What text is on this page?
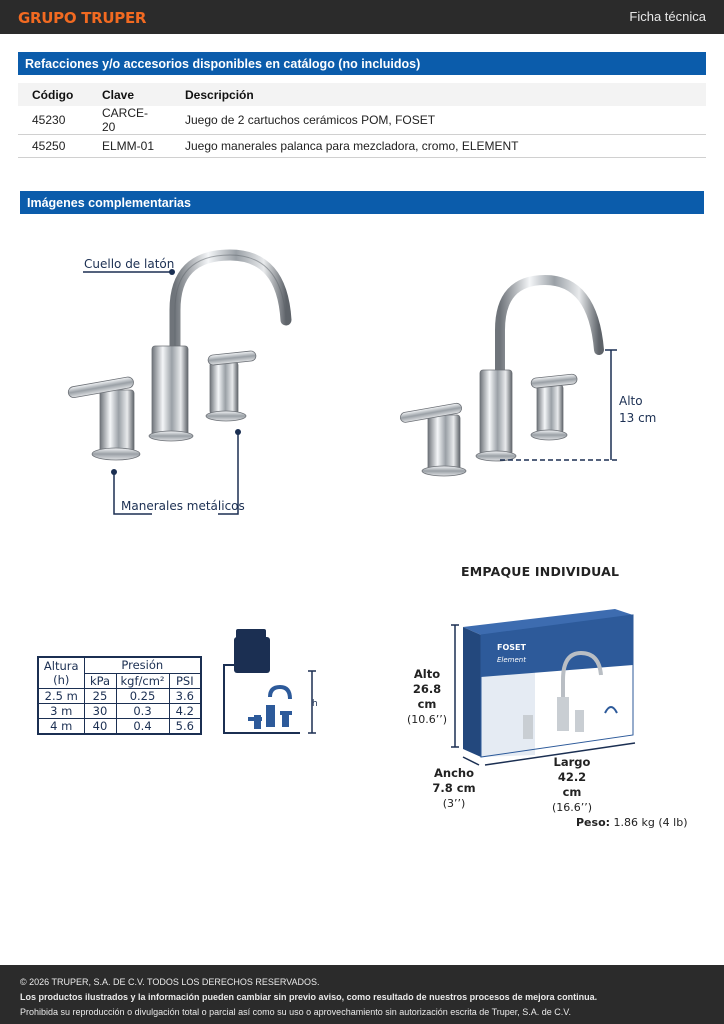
GRUPO TRUPER	Ficha técnica
Refacciones y/o accesorios disponibles en catálogo (no incluidos)
Código	Clave	Descripción
45230	CARCE-20	Juego de 2 cartuchos cerámicos POM, FOSET
45250	ELMM-01	Juego manerales palanca para mezcladora, cromo, ELEMENT
Imágenes complementarias
Cuello de latón
Manerales metálicos
Alto
13 cm
EMPAQUE INDIVIDUAL
FOSET
Element
Alto
26.8 cm
(10.6’’)
Ancho
7.8 cm
(3’’)
Largo
42.2 cm
(16.6’’)
Peso: 1.86 kg (4 lb)
Altura	Presión		
(h)	kPa	kgf/cm²	PSI
2.5 m	25	0.25	3.6
3 m	30	0.3	4.2
4 m	40	0.4	5.6
h
© 2026 TRUPER, S.A. DE C.V. TODOS LOS DERECHOS RESERVADOS.
Los productos ilustrados y la información pueden cambiar sin previo aviso, como resultado de nuestros procesos de mejora continua.
Prohibida su reproducción o divulgación total o parcial así como su uso o aprovechamiento sin autorización escrita de Truper, S.A. de C.V.
